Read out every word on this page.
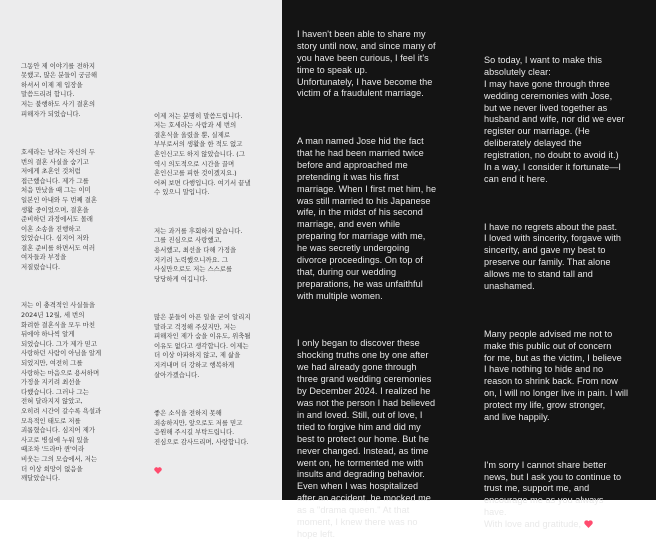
그동안 제 이야기를 전하지
못했고, 많은 분들이 궁금해
하셔서 이제 제 입장을
말씀드리려 합니다.
저는 불행하도 사기 결혼의
피해자가 되었습니다.

호세라는 남자는 자신의 두
번의 결혼 사실을 숨기고
저에게 초혼인 것처럼
접근했습니다. 제가 그를
처음 만났을 때 그는 이미
일본인 아내와 두 번째 결혼
생활 중이었으며, 결혼을
준비하던 과정에서도 몰래
이혼 소송을 진행하고
있었습니다. 심지어 저와
결혼 준비를 하면서도 여러
여자들과 부정을
저질렀습니다.

저는 이 충격적인 사실들을
2024년 12월, 세 번의
화려한 결혼식을 모두 마친
뒤에야 하나씩 알게
되었습니다. 그가 제가 믿고
사랑하던 사람이 아님을 알게
되었지만, 여전히 그를
사랑하는 마음으로 용서하며
가정을 지키려 최선을
다했습니다. 그러나 그는
전혀 달라지지 않았고,
오히려 시간이 갈수록 욕설과
모욕적인 태도로 저를
괴롭혔습니다. 심지어 제가
사고로 병실에 누워 있을
때조차 '드라마 퀸'이라
비웃는 그의 모습에서, 저는
더 이상 희망이 없음을
깨달았습니다.

이제 저는 분명히 말씀드립니다.
저는 호세라는 사람과 세 번의
결혼식을 올렸을 뿐, 실제로
부부로서의 생활을 한 적도 없고
혼인신고도 하지 않았습니다. (그
역시 의도적으로 시간을 끌며
혼인신고를 피한 것이겠지요.)
어쩌 보면 다행입니다. 여기서 끝낼
수 있으니 말입니다.

저는 과거를 후회하지 않습니다.
그를 진심으로 사랑했고,
용서했고, 최선을 다해 가정을
지키려 노력했으니까요. 그
사실만으로도 저는 스스로를
당당하게 여깁니다.

많은 분들이 아픈 일을 굳이 알리지
말라고 걱정해 주셨지만, 저는
피해자인 제가 숨을 이유도, 위축될
이유도 없다고 생각합니다. 이제는
더 이상 아파하지 않고, 제 삶을
지켜내며 더 강하고 행복하게
살아가겠습니다.

좋은 소식을 전하지 못해
죄송하지만, 앞으로도 저를 믿고
응원해 주시길 부탁드립니다.
진심으로 감사드리며, 사랑합니다.

I haven't been able to share my
story until now, and since many of
you have been curious, I feel it's
time to speak up.
Unfortunately, I have become the
victim of a fraudulent marriage.

A man named Jose hid the fact
that he had been married twice
before and approached me
pretending it was his first
marriage. When I first met him, he
was still married to his Japanese
wife, in the midst of his second
marriage, and even while
preparing for marriage with me,
he was secretly undergoing
divorce proceedings. On top of
that, during our wedding
preparations, he was unfaithful
with multiple women.

I only began to discover these
shocking truths one by one after
we had already gone through
three grand wedding ceremonies
by December 2024. I realized he
was not the person I had believed
in and loved. Still, out of love, I
tried to forgive him and did my
best to protect our home. But he
never changed. Instead, as time
went on, he tormented me with
insults and degrading behavior.
Even when I was hospitalized
after an accident, he mocked me
as a "drama queen." At that
moment, I knew there was no
hope left.

So today, I want to make this
absolutely clear:
I may have gone through three
wedding ceremonies with Jose,
but we never lived together as
husband and wife, nor did we ever
register our marriage. (He
deliberately delayed the
registration, no doubt to avoid it.)
In a way, I consider it fortunate—I
can end it here.

I have no regrets about the past.
I loved with sincerity, forgave with
sincerity, and gave my best to
preserve our family. That alone
allows me to stand tall and
unashamed.

Many people advised me not to
make this public out of concern
for me, but as the victim, I believe
I have nothing to hide and no
reason to shrink back. From now
on, I will no longer live in pain. I will
protect my life, grow stronger,
and live happily.

I'm sorry I cannot share better
news, but I ask you to continue to
trust me, support me, and
encourage me as you always
have.
With love and gratitude,
